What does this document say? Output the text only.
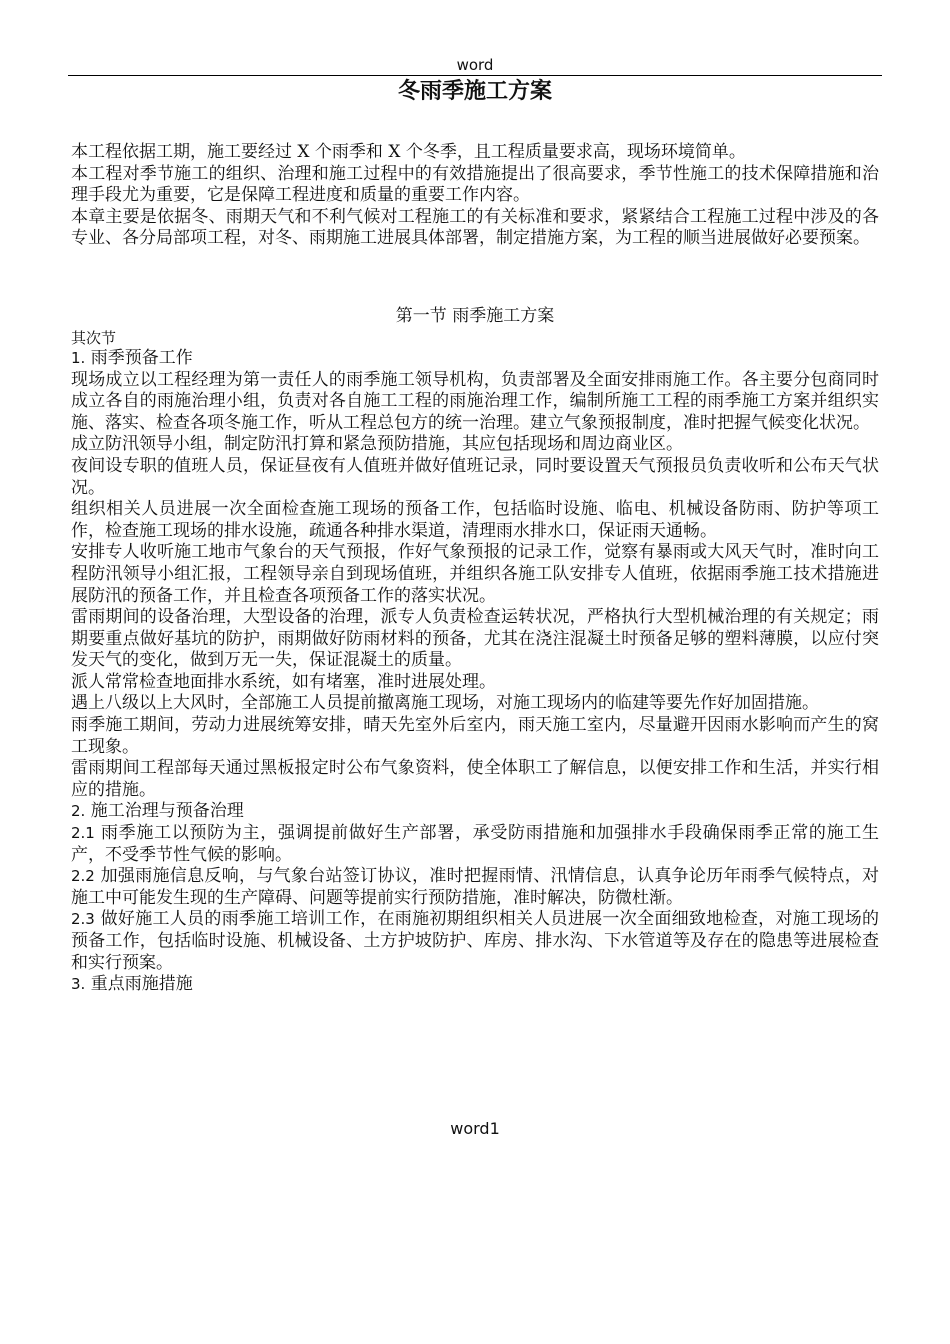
word
冬雨季施工方案

本工程依据工期，施工要经过 X 个雨季和 X 个冬季，且工程质量要求高，现场环境简单。

本工程对季节施工的组织、治理和施工过程中的有效措施提出了很高要求，季节性施工的技术保障措施和治理手段尤为重要，它是保障工程进度和质量的重要工作内容。

本章主要是依据冬、雨期天气和不利气候对工程施工的有关标准和要求，紧紧结合工程施工过程中涉及的各专业、各分局部项工程，对冬、雨期施工进展具体部署，制定措施方案，为工程的顺当进展做好必要预案。

第一节 雨季施工方案

其次节

1. 雨季预备工作

现场成立以工程经理为第一责任人的雨季施工领导机构，负责部署及全面安排雨施工作。各主要分包商同时成立各自的雨施治理小组，负责对各自施工工程的雨施治理工作，编制所施工工程的雨季施工方案并组织实施、落实、检查各项冬施工作，听从工程总包方的统一治理。建立气象预报制度，准时把握气候变化状况。

成立防汛领导小组，制定防汛打算和紧急预防措施，其应包括现场和周边商业区。

夜间设专职的值班人员，保证昼夜有人值班并做好值班记录，同时要设置天气预报员负责收听和公布天气状况。

组织相关人员进展一次全面检查施工现场的预备工作，包括临时设施、临电、机械设备防雨、防护等项工作，检查施工现场的排水设施，疏通各种排水渠道，清理雨水排水口，保证雨天通畅。

安排专人收听施工地市气象台的天气预报，作好气象预报的记录工作，觉察有暴雨或大风天气时，准时向工程防汛领导小组汇报，工程领导亲自到现场值班，并组织各施工队安排专人值班，依据雨季施工技术措施进展防汛的预备工作，并且检查各项预备工作的落实状况。

雷雨期间的设备治理，大型设备的治理，派专人负责检查运转状况，严格执行大型机械治理的有关规定；雨期要重点做好基坑的防护，雨期做好防雨材料的预备，尤其在浇注混凝土时预备足够的塑料薄膜，以应付突发天气的变化，做到万无一失，保证混凝土的质量。

派人常常检查地面排水系统，如有堵塞，准时进展处理。

遇上八级以上大风时，全部施工人员提前撤离施工现场，对施工现场内的临建等要先作好加固措施。

雨季施工期间，劳动力进展统筹安排，晴天先室外后室内，雨天施工室内，尽量避开因雨水影响而产生的窝工现象。

雷雨期间工程部每天通过黑板报定时公布气象资料，使全体职工了解信息，以便安排工作和生活，并实行相应的措施。

2. 施工治理与预备治理

2.1 雨季施工以预防为主，强调提前做好生产部署，承受防雨措施和加强排水手段确保雨季正常的施工生产，不受季节性气候的影响。

2.2 加强雨施信息反响，与气象台站签订协议，准时把握雨情、汛情信息，认真争论历年雨季气候特点，对施工中可能发生现的生产障碍、问题等提前实行预防措施，准时解决，防微杜渐。

2.3 做好施工人员的雨季施工培训工作，在雨施初期组织相关人员进展一次全面细致地检查，对施工现场的预备工作，包括临时设施、机械设备、土方护坡防护、库房、排水沟、下水管道等及存在的隐患等进展检查和实行预案。

3. 重点雨施措施

word1
